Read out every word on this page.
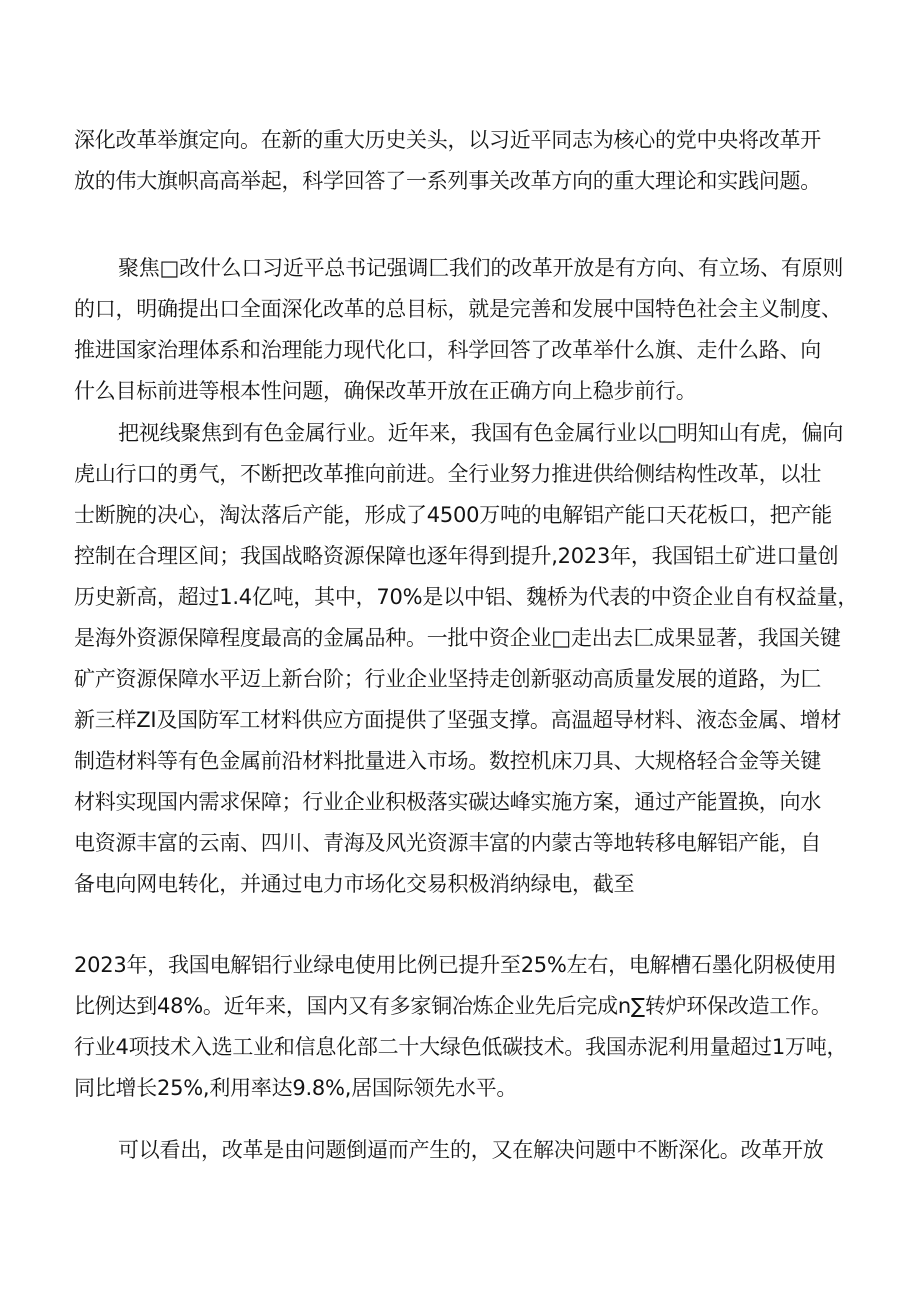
深化改革举旗定向。在新的重大历史关头，以习近平同志为核心的党中央将改革开
放的伟大旗帜高高举起，科学回答了一系列事关改革方向的重大理论和实践问题。
聚焦□改什么口习近平总书记强调匚我们的改革开放是有方向、有立场、有原则
的口，明确提出口全面深化改革的总目标，就是完善和发展中国特色社会主义制度、
推进国家治理体系和治理能力现代化口，科学回答了改革举什么旗、走什么路、向
什么目标前进等根本性问题，确保改革开放在正确方向上稳步前行。
把视线聚焦到有色金属行业。近年来，我国有色金属行业以□明知山有虎，偏向
虎山行口的勇气，不断把改革推向前进。全行业努力推进供给侧结构性改革，以壮
士断腕的决心，淘汰落后产能，形成了4500万吨的电解铝产能口天花板口，把产能
控制在合理区间；我国战略资源保障也逐年得到提升,2023年，我国铝土矿进口量创
历史新高，超过1.4亿吨，其中，70%是以中铝、魏桥为代表的中资企业自有权益量，
是海外资源保障程度最高的金属品种。一批中资企业□走出去匚成果显著，我国关键
矿产资源保障水平迈上新台阶；行业企业坚持走创新驱动高质量发展的道路，为匚
新三样ZI及国防军工材料供应方面提供了坚强支撑。高温超导材料、液态金属、增材
制造材料等有色金属前沿材料批量进入市场。数控机床刀具、大规格轻合金等关键
材料实现国内需求保障；行业企业积极落实碳达峰实施方案，通过产能置换，向水
电资源丰富的云南、四川、青海及风光资源丰富的内蒙古等地转移电解铝产能，自
备电向网电转化，并通过电力市场化交易积极消纳绿电，截至
2023年，我国电解铝行业绿电使用比例已提升至25%左右，电解槽石墨化阴极使用
比例达到48%。近年来，国内又有多家铜冶炼企业先后完成n∑转炉环保改造工作。
行业4项技术入选工业和信息化部二十大绿色低碳技术。我国赤泥利用量超过1万吨，
同比增长25%,利用率达9.8%,居国际领先水平。
可以看出，改革是由问题倒逼而产生的，又在解决问题中不断深化。改革开放
